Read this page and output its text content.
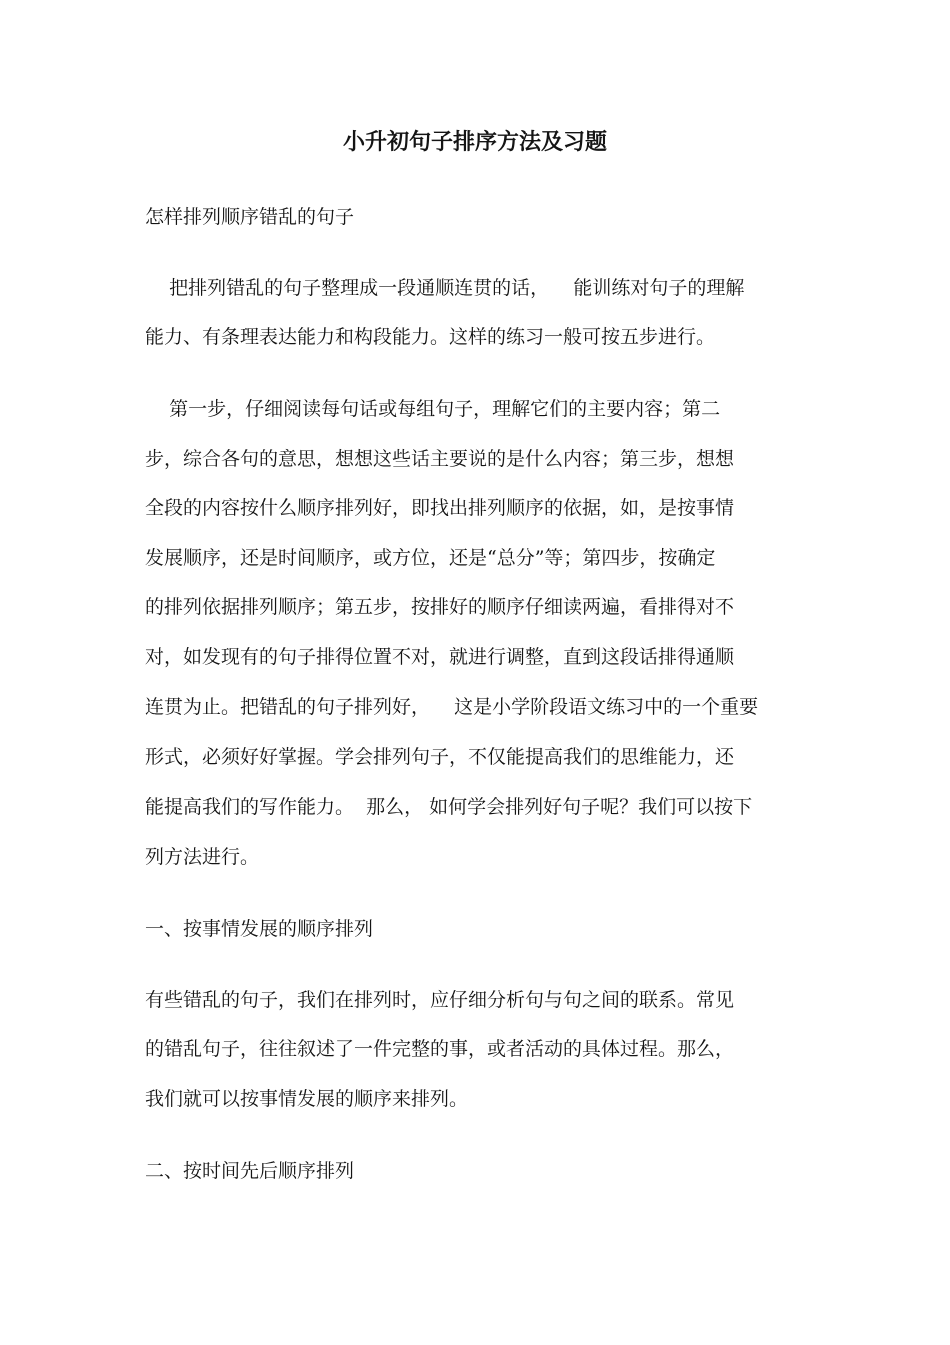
小升初句子排序方法及习题

怎样排列顺序错乱的句子

把排列错乱的句子整理成一段通顺连贯的话，    能训练对句子的理解

能力、有条理表达能力和构段能力。这样的练习一般可按五步进行。

第一步，仔细阅读每句话或每组句子，理解它们的主要内容；第二

步，综合各句的意思，想想这些话主要说的是什么内容；第三步，想想

全段的内容按什么顺序排列好，即找出排列顺序的依据，如，是按事情

发展顺序，还是时间顺序，或方位，还是“总分”等；第四步，按确定

的排列依据排列顺序；第五步，按排好的顺序仔细读两遍，看排得对不

对，如发现有的句子排得位置不对，就进行调整，直到这段话排得通顺

连贯为止。把错乱的句子排列好，    这是小学阶段语文练习中的一个重要

形式，必须好好掌握。学会排列句子，不仅能提高我们的思维能力，还

能提高我们的写作能力。  那么， 如何学会排列好句子呢？我们可以按下

列方法进行。

一、按事情发展的顺序排列

有些错乱的句子，我们在排列时，应仔细分析句与句之间的联系。常见

的错乱句子，往往叙述了一件完整的事，或者活动的具体过程。那么，

我们就可以按事情发展的顺序来排列。

二、按时间先后顺序排列
